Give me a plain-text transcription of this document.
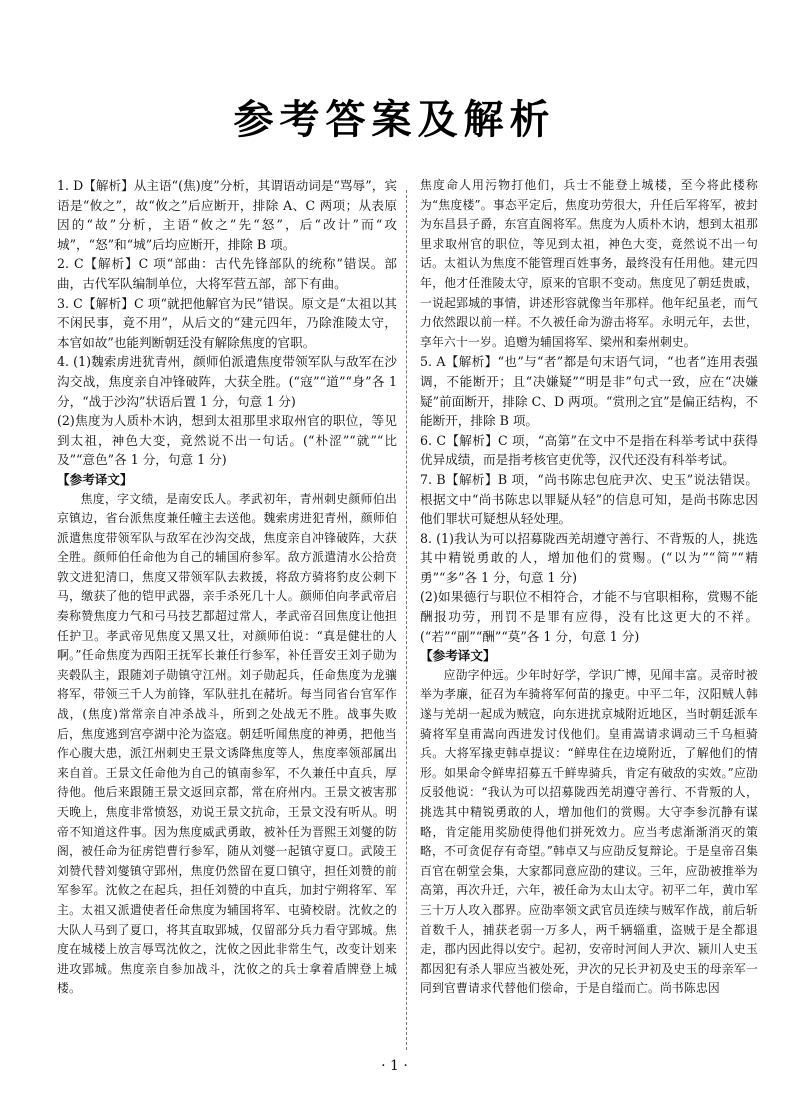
参考答案及解析

1. D【解析】从主语“(焦)度”分析，其谓语动词是“骂辱”，宾语是“攸之”，故“攸之”后应断开，排除 A、C 两项；从表原因的“故”分析，主语“攸之”先“怒”，后“改计”而“攻城”，“怒”和“城”后均应断开，排除 B 项。

2. C【解析】C 项“部曲：古代先锋部队的统称”错误。部曲，古代军队编制单位，大将军营五部，部下有曲。

3. C【解析】C 项“就把他解官为民”错误。原文是“太祖以其不闲民事，竟不用”，从后文的“建元四年，乃除淮陵太守，本官如故”也能判断朝廷没有解除焦度的官职。

4. (1)魏索虏进犹青州，颜师伯派遣焦度带领军队与敌军在沙沟交战，焦度亲自冲锋破阵，大获全胜。(“寇”“道”“身”各 1 分，“战于沙沟”状语后置 1 分，句意 1 分)

(2)焦度为人质朴木讷，想到太祖那里求取州官的职位，等见到太祖，神色大变，竟然说不出一句话。(“朴涩”“就”“比及”“意色”各 1 分，句意 1 分)

【参考译文】

焦度，字文绩，是南安氐人。孝武初年，青州刺史颜师伯出京镇边，省台派焦度兼任幢主去送他。魏索虏进犯青州，颜师伯派遣焦度带领军队与敌军在沙沟交战，焦度亲自冲锋破阵，大获全胜。颜师伯任命他为自己的辅国府参军。敌方派遣清水公拾贲敦文进犯清口，焦度又带领军队去救援，将敌方骑将豹皮公刺下马，缴获了他的铠甲武器，亲手杀死几十人。颜师伯向孝武帝启奏称赞焦度力气和弓马技艺都超过常人，孝武帝召回焦度让他担任护卫。孝武帝见焦度又黑又壮，对颜师伯说：“真是健壮的人啊。”任命焦度为西阳王抚军长兼任行参军，补任晋安王刘子勋为夹毂队主，跟随刘子勋镇守江州。刘子勋起兵，任命焦度为龙骧将军，带领三千人为前锋，军队驻扎在赭圻。每当同省台官军作战，(焦度)常常亲自冲杀战斗，所到之处战无不胜。战事失败后，焦度逃到宫亭湖中沦为盗寇。朝廷听闻焦度的神勇，把他当作心腹大患，派江州刺史王景文诱降焦度等人，焦度率领部属出来自首。王景文任命他为自己的镇南参军，不久兼任中直兵，厚待他。他后来跟随王景文返回京都，常在府州内。王景文被害那天晚上，焦度非常愤怒，劝说王景文抗命，王景文没有听从。明帝不知道这件事。因为焦度威武勇敢，被补任为晋熙王刘燮的防阁，被任命为征虏铠曹行参军，随从刘燮一起镇守夏口。武陵王刘赞代替刘燮镇守郢州，焦度仍然留在夏口镇守，担任刘赞的前军参军。沈攸之在起兵，担任刘赞的中直兵，加封宁朔将军、军主。太祖又派遣使者任命焦度为辅国将军、屯骑校尉。沈攸之的大队人马到了夏口，将其直取郢城，仅留部分兵力看守郢城。焦度在城楼上放言辱骂沈攸之，沈攸之因此非常生气，改变计划来进攻郢城。焦度亲自参加战斗，沈攸之的兵士拿着盾牌登上城楼。

焦度命人用污物打他们，兵士不能登上城楼，至今将此楼称为“焦度楼”。事态平定后，焦度功劳很大，升任后军将军，被封为东昌县子爵，东宫直阁将军。焦度为人质朴木讷，想到太祖那里求取州官的职位，等见到太祖，神色大变，竟然说不出一句话。太祖认为焦度不能管理百姓事务，最终没有任用他。建元四年，他才任淮陵太守，原来的官职不变动。焦度见了朝廷贵戚，一说起郢城的事情，讲述形容就像当年那样。他年纪虽老，而气力依然跟以前一样。不久被任命为游击将军。永明元年，去世，享年六十一岁。追赠为辅国将军、梁州和秦州刺史。

5. A【解析】“也”与“者”都是句末语气词，“也者”连用表强调，不能断开；且“决嫌疑”“明是非”句式一致，应在“决嫌疑”前面断开，排除 C、D 两项。“赏刑之宜”是偏正结构，不能断开，排除 B 项。

6. C【解析】C 项，“高第”在文中不是指在科举考试中获得优异成绩，而是指考核官吏优等，汉代还没有科举考试。

7. B【解析】B 项，“尚书陈忠包庇尹次、史玉”说法错误。根据文中“尚书陈忠以罪疑从轻”的信息可知，是尚书陈忠因他们罪状可疑想从轻处理。

8. (1)我认为可以招募陇西羌胡遵守善行、不背叛的人，挑选其中精锐勇敢的人，增加他们的赏赐。(“以为”“简”“精勇”“多”各 1 分，句意 1 分)

(2)如果德行与职位不相符合，才能不与官职相称，赏赐不能酬报功劳，刑罚不是罪有应得，没有比这更大的不祥。(“若”“副”“酬”“莫”各 1 分，句意 1 分)

【参考译文】

应劭字仲远。少年时好学，学识广博，见闻丰富。灵帝时被举为孝廉，征召为车骑将军何苗的掾吏。中平二年，汉阳贼人韩遂与羌胡一起成为贼寇，向东进扰京城附近地区，当时朝廷派车骑将军皇甫嵩向西进发讨伐他们。皇甫嵩请求调动三千乌桓骑兵。大将军掾吏韩卓提议：“鲜卑住在边境附近，了解他们的情形。如果命令鲜卑招募五千鲜卑骑兵，肯定有破敌的实效。”应劭反驳他说：“我认为可以招募陇西羌胡遵守善行、不背叛的人，挑选其中精锐勇敢的人，增加他们的赏赐。大守李参沉静有谋略，肯定能用奖励使得他们拼死效力。应当考虑渐渐消灭的策略，不可贪促存有奇望。”韩卓又与应劭反复辩论。于是皇帝召集百官在朝堂会集，大家都同意应劭的建议。三年，应劭被推举为高第，再次升迁，六年，被任命为太山太守。初平二年，黄巾军三十万人攻入郡界。应劭率领文武官员连续与贼军作战，前后斩首数千人，捕获老弱一万多人，两千辆辎重，盗贼于是全都退走，郡内因此得以安宁。起初，安帝时河间人尹次、颍川人史玉都因犯有杀人罪应当被处死，尹次的兄长尹初及史玉的母亲军一同到官曹请求代替他们偿命，于是自缢而亡。尚书陈忠因

· 1 ·
